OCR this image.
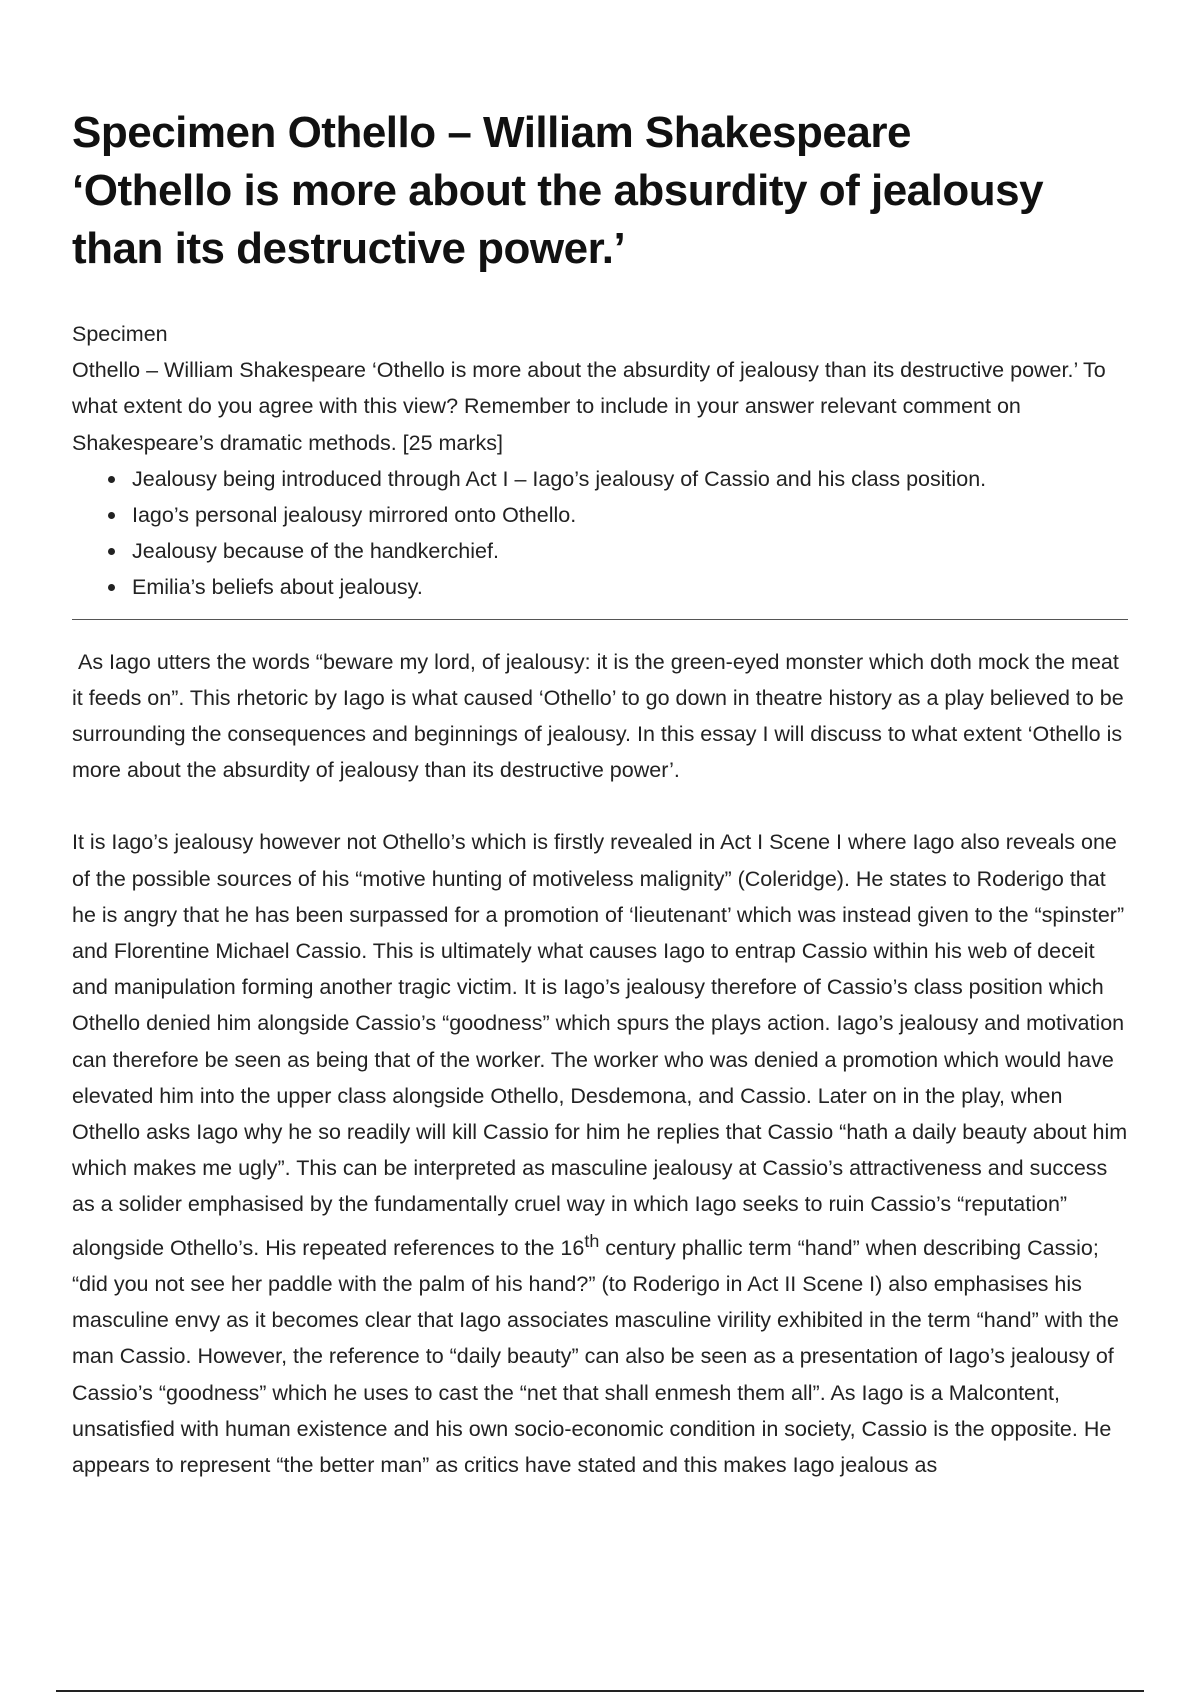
Specimen Othello – William Shakespeare
‘Othello is more about the absurdity of jealousy
than its destructive power.’

Specimen

Othello – William Shakespeare ‘Othello is more about the absurdity of jealousy than its destructive power.’ To what extent do you agree with this view? Remember to include in your answer relevant comment on Shakespeare’s dramatic methods. [25 marks]

Jealousy being introduced through Act I – Iago’s jealousy of Cassio and his class position.
Iago’s personal jealousy mirrored onto Othello.
Jealousy because of the handkerchief.
Emilia’s beliefs about jealousy.

As Iago utters the words “beware my lord, of jealousy: it is the green-eyed monster which doth mock the meat it feeds on”. This rhetoric by Iago is what caused ‘Othello’ to go down in theatre history as a play believed to be surrounding the consequences and beginnings of jealousy. In this essay I will discuss to what extent ‘Othello is more about the absurdity of jealousy than its destructive power’.

It is Iago’s jealousy however not Othello’s which is firstly revealed in Act I Scene I where Iago also reveals one of the possible sources of his “motive hunting of motiveless malignity” (Coleridge). He states to Roderigo that he is angry that he has been surpassed for a promotion of ‘lieutenant’ which was instead given to the “spinster” and Florentine Michael Cassio. This is ultimately what causes Iago to entrap Cassio within his web of deceit and manipulation forming another tragic victim. It is Iago’s jealousy therefore of Cassio’s class position which Othello denied him alongside Cassio’s “goodness” which spurs the plays action. Iago’s jealousy and motivation can therefore be seen as being that of the worker. The worker who was denied a promotion which would have elevated him into the upper class alongside Othello, Desdemona, and Cassio. Later on in the play, when Othello asks Iago why he so readily will kill Cassio for him he replies that Cassio “hath a daily beauty about him which makes me ugly”. This can be interpreted as masculine jealousy at Cassio’s attractiveness and success as a solider emphasised by the fundamentally cruel way in which Iago seeks to ruin Cassio’s “reputation” alongside Othello’s. His repeated references to the 16th century phallic term “hand” when describing Cassio; “did you not see her paddle with the palm of his hand?” (to Roderigo in Act II Scene I) also emphasises his masculine envy as it becomes clear that Iago associates masculine virility exhibited in the term “hand” with the man Cassio. However, the reference to “daily beauty” can also be seen as a presentation of Iago’s jealousy of Cassio’s “goodness” which he uses to cast the “net that shall enmesh them all”. As Iago is a Malcontent, unsatisfied with human existence and his own socio-economic condition in society, Cassio is the opposite. He appears to represent “the better man” as critics have stated and this makes Iago jealous as
